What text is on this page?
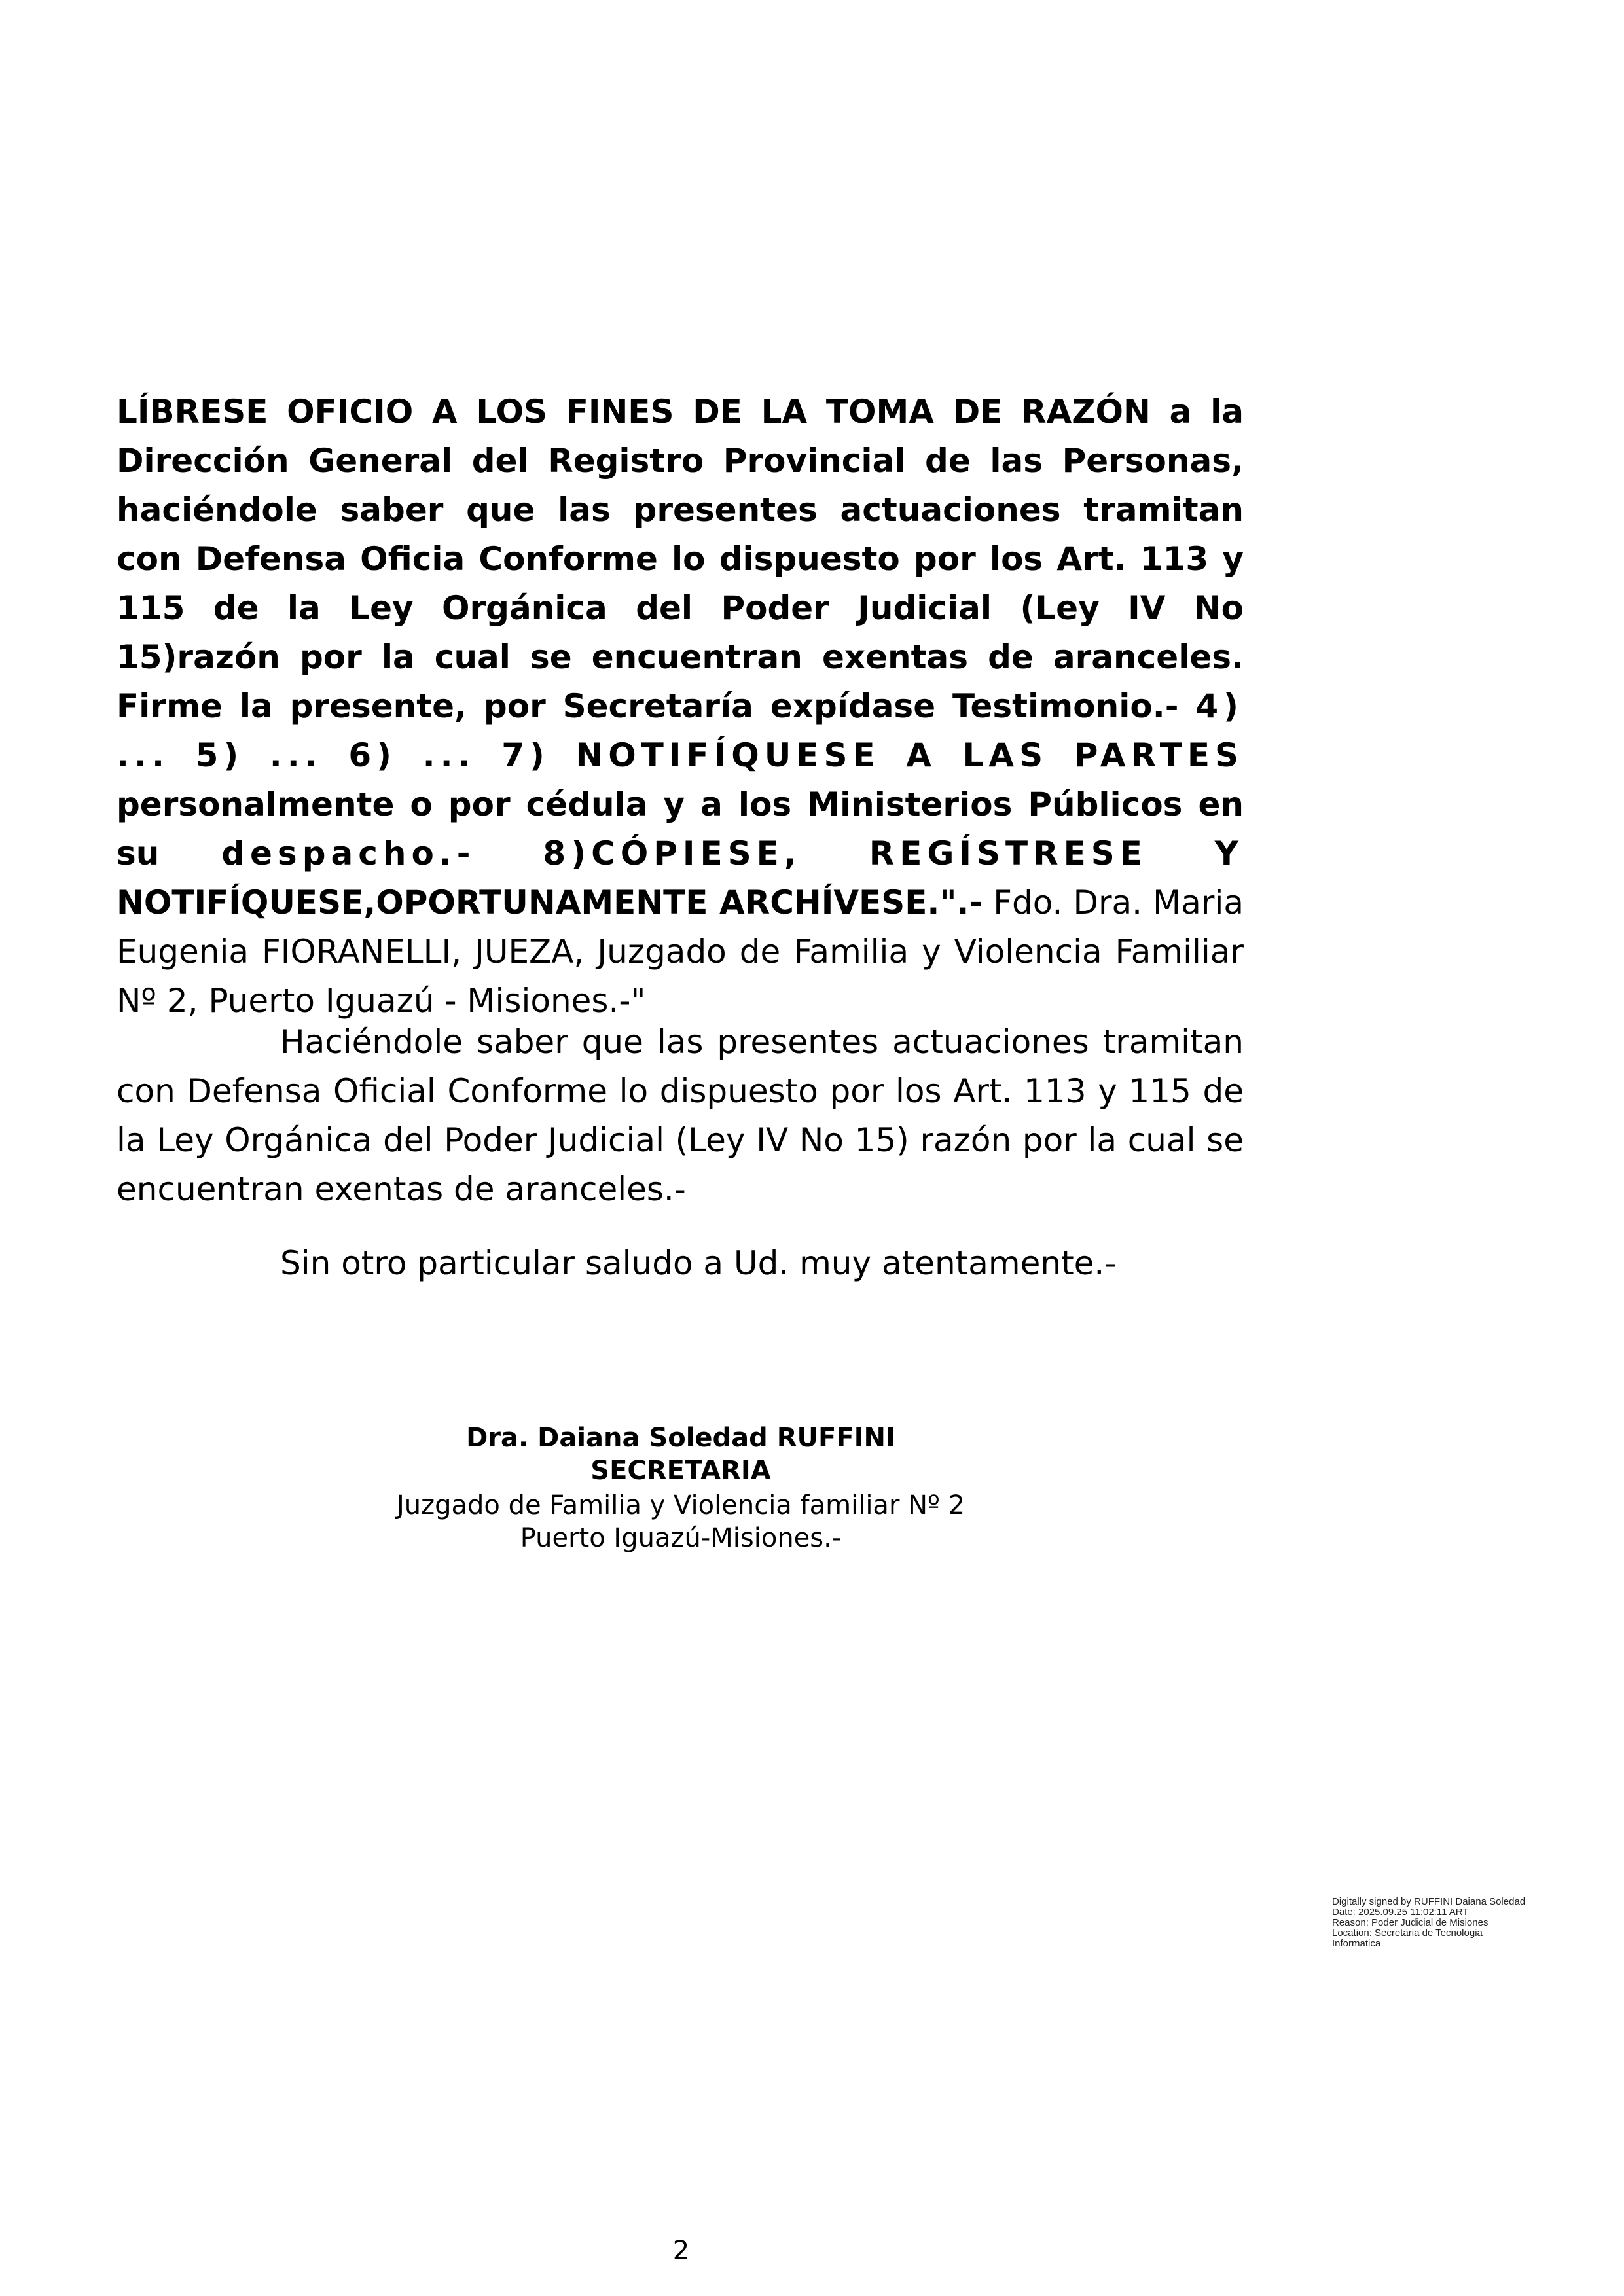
LÍBRESE OFICIO A LOS FINES DE LA TOMA DE RAZÓN a la Dirección General del Registro Provincial de las Personas, haciéndole saber que las presentes actuaciones tramitan con Defensa Oficia Conforme lo dispuesto por los Art. 113 y 115 de la Ley Orgánica del Poder Judicial (Ley IV No 15)razón por la cual se encuentran exentas de aranceles. Firme la presente, por Secretaría expídase Testimonio.- 4) ... 5) ... 6) ... 7) NOTIFÍQUESE A LAS PARTES personalmente o por cédula y a los Ministerios Públicos en su despacho.- 8)CÓPIESE, REGÍSTRESE Y NOTIFÍQUESE,OPORTUNAMENTE ARCHÍVESE.".- Fdo. Dra. Maria Eugenia FIORANELLI, JUEZA, Juzgado de Familia y Violencia Familiar Nº 2, Puerto Iguazú - Misiones.-"

Haciéndole saber que las presentes actuaciones tramitan con Defensa Oficial Conforme lo dispuesto por los Art. 113 y 115 de la Ley Orgánica del Poder Judicial (Ley IV No 15) razón por la cual se encuentran exentas de aranceles.-

Sin otro particular saludo a Ud. muy atentamente.-

Dra. Daiana Soledad RUFFINI
SECRETARIA
Juzgado de Familia y Violencia familiar Nº 2
Puerto Iguazú-Misiones.-
Digitally signed by RUFFINI Daiana Soledad
Date: 2025.09.25 11:02:11 ART
Reason: Poder Judicial de Misiones
Location: Secretaria de Tecnologia Informatica
2
